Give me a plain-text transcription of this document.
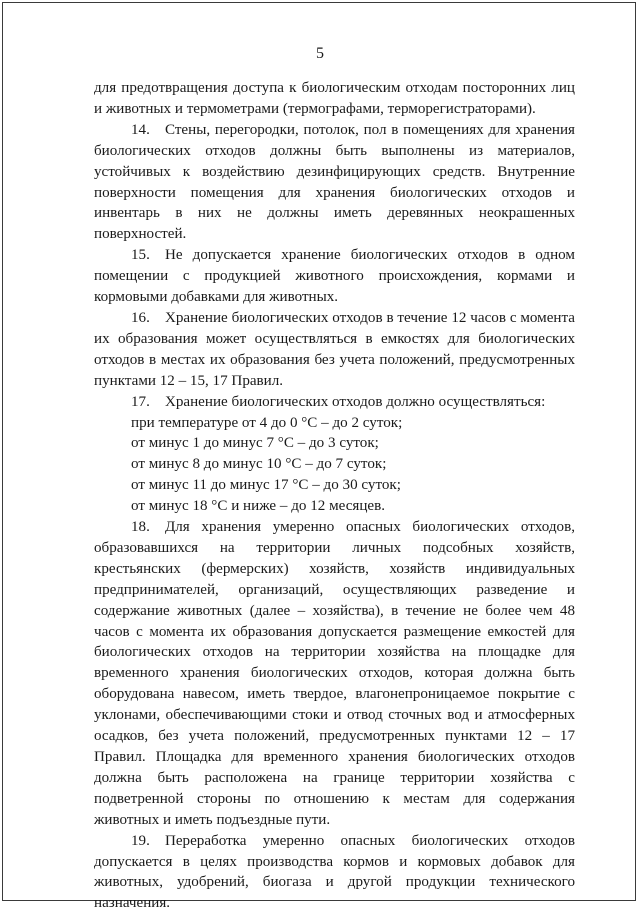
5

для предотвращения доступа к биологическим отходам посторонних лиц и животных и термометрами (термографами, терморегистраторами).

14. Стены, перегородки, потолок, пол в помещениях для хранения биологических отходов должны быть выполнены из материалов, устойчивых к воздействию дезинфицирующих средств. Внутренние поверхности помещения для хранения биологических отходов и инвентарь в них не должны иметь деревянных неокрашенных поверхностей.

15. Не допускается хранение биологических отходов в одном помещении с продукцией животного происхождения, кормами и кормовыми добавками для животных.

16. Хранение биологических отходов в течение 12 часов с момента их образования может осуществляться в емкостях для биологических отходов в местах их образования без учета положений, предусмотренных пунктами 12 – 15, 17 Правил.

17. Хранение биологических отходов должно осуществляться:

при температуре от 4 до 0 °С – до 2 суток;

от минус 1 до минус 7 °С – до 3 суток;

от минус 8 до минус 10 °С – до 7 суток;

от минус 11 до минус 17 °С – до 30 суток;

от минус 18 °С и ниже – до 12 месяцев.

18. Для хранения умеренно опасных биологических отходов, образовавшихся на территории личных подсобных хозяйств, крестьянских (фермерских) хозяйств, хозяйств индивидуальных предпринимателей, организаций, осуществляющих разведение и содержание животных (далее – хозяйства), в течение не более чем 48 часов с момента их образования допускается размещение емкостей для биологических отходов на территории хозяйства на площадке для временного хранения биологических отходов, которая должна быть оборудована навесом, иметь твердое, влагонепроницаемое покрытие с уклонами, обеспечивающими стоки и отвод сточных вод и атмосферных осадков, без учета положений, предусмотренных пунктами 12 – 17 Правил. Площадка для временного хранения биологических отходов должна быть расположена на границе территории хозяйства с подветренной стороны по отношению к местам для содержания животных и иметь подъездные пути.

19. Переработка умеренно опасных биологических отходов допускается в целях производства кормов и кормовых добавок для животных, удобрений, биогаза и другой продукции технического назначения.
